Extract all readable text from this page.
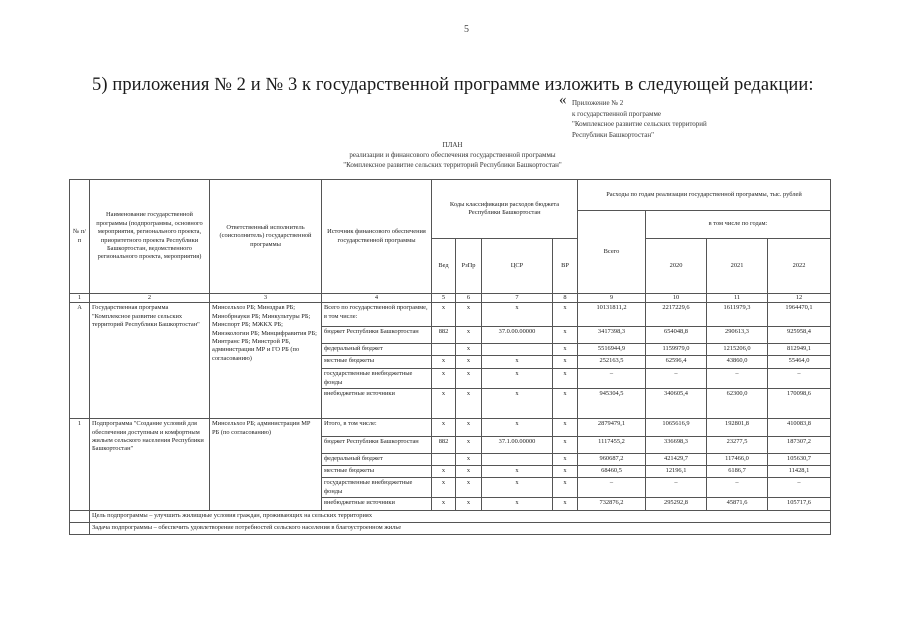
5
5) приложения № 2 и № 3 к государственной программе изложить в следующей редакции:
« Приложение № 2
к государственной программе
"Комплексное развитие сельских территорий
Республики Башкортостан"
ПЛАН
реализации и финансового обеспечения государственной программы
"Комплексное развитие сельских территорий Республики Башкортостан"
№ п/п	Наименование государственной программы (подпрограммы, основного мероприятия, регионального проекта, приоритетного проекта Республики Башкортостан, ведомственного регионального проекта, мероприятия)	Ответственный исполнитель (соисполнитель) государственной программы	Источник финансового обеспечения государственной программы	Коды классификации расходов бюджета Республики Башкортостан				Расходы по годам реализации государственной программы, тыс. рублей			
								Всего	в том числе по годам:		
				Вед	РзПр	ЦСР	ВР		2020	2021	2022
1	2	3	4	5	6	7	8	9	10	11	12
А	Государственная программа "Комплексное развитие сельских территорий Республики Башкортостан"	Минсельхоз РБ; Минздрав РБ; Минобрнауки РБ; Минкультуры РБ; Минспорт РБ; МЖКХ РБ; Минэкологии РБ; Минцифравития РБ; Минтранс РБ; Минстрой РБ, администрации МР и ГО РБ (по согласованию)	Всего по государственной программе, в том числе:	x	x	x	x	10131811,2	2217229,6	1611979,3	1964470,1
			бюджет Республики Башкортостан	882	x	37.0.00.00000	x	3417398,3	654048,8	290613,3	925958,4
			федеральный бюджет		x		x	5516944,9	1159979,0	1215206,0	812949,1
			местные бюджеты	x	x	x	x	252163,5	62596,4	43860,0	55464,0
			государственные внебюджетные фонды	x	x	x	x	–	–	–	–
			внебюджетные источники	x	x	x	x	945304,5	340605,4	62300,0	170098,6
1	Подпрограмма "Создание условий для обеспечения доступным и комфортным жильем сельского населения Республики Башкортостан"	Минсельхоз РБ; администрации МР РБ (по согласованию)	Итого, в том числе:	x	x	x	x	2879479,1	1065616,9	192801,8	410083,8
			бюджет Республики Башкортостан	882	x	37.1.00.00000	x	1117455,2	336698,3	23277,5	187307,2
			федеральный бюджет		x		x	960687,2	421429,7	117466,0	105630,7
			местные бюджеты	x	x	x	x	68460,5	12196,1	6186,7	11428,1
			государственные внебюджетные фонды	x	x	x	x	–	–	–	–
			внебюджетные источники	x	x	x	x	732876,2	295292,8	45871,6	105717,6
	Цель подпрограммы – улучшить жилищные условия граждан, проживающих на сельских территориях										
	Задача подпрограммы – обеспечить удовлетворение потребностей сельского населения в благоустроенном жилье										
